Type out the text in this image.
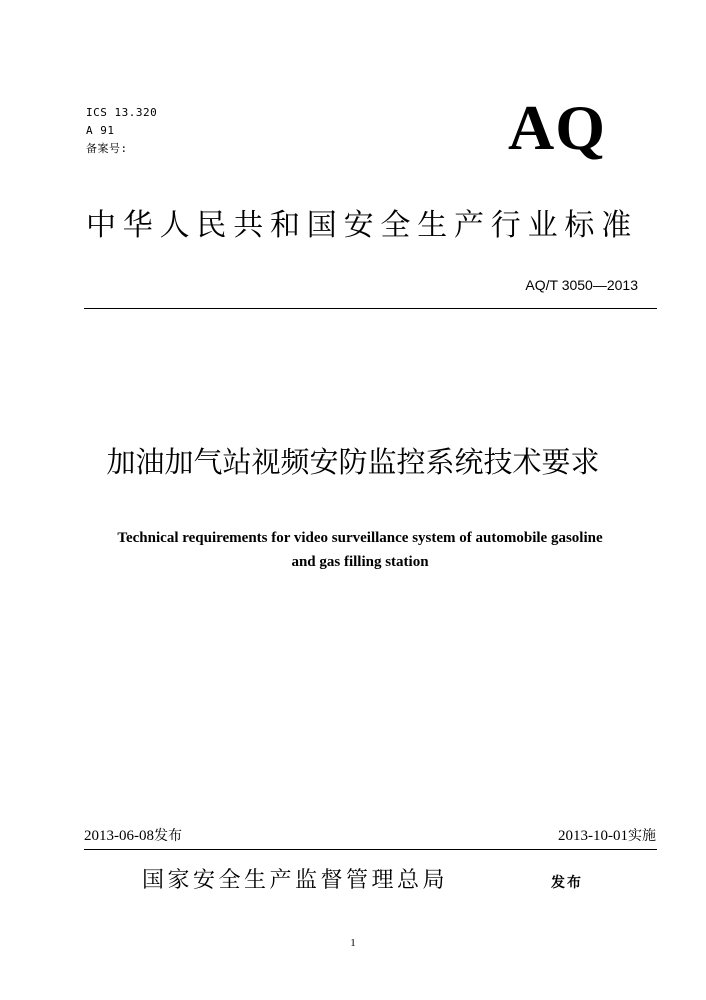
ICS 13.320
A 91
备案号:	AQ
中华人民共和国安全生产行业标准
AQ/T 3050—2013
加油加气站视频安防监控系统技术要求
Technical requirements for video surveillance system of automobile gasoline
and gas filling station
2013-06-08发布	2013-10-01实施
国家安全生产监督管理总局	发布
1
